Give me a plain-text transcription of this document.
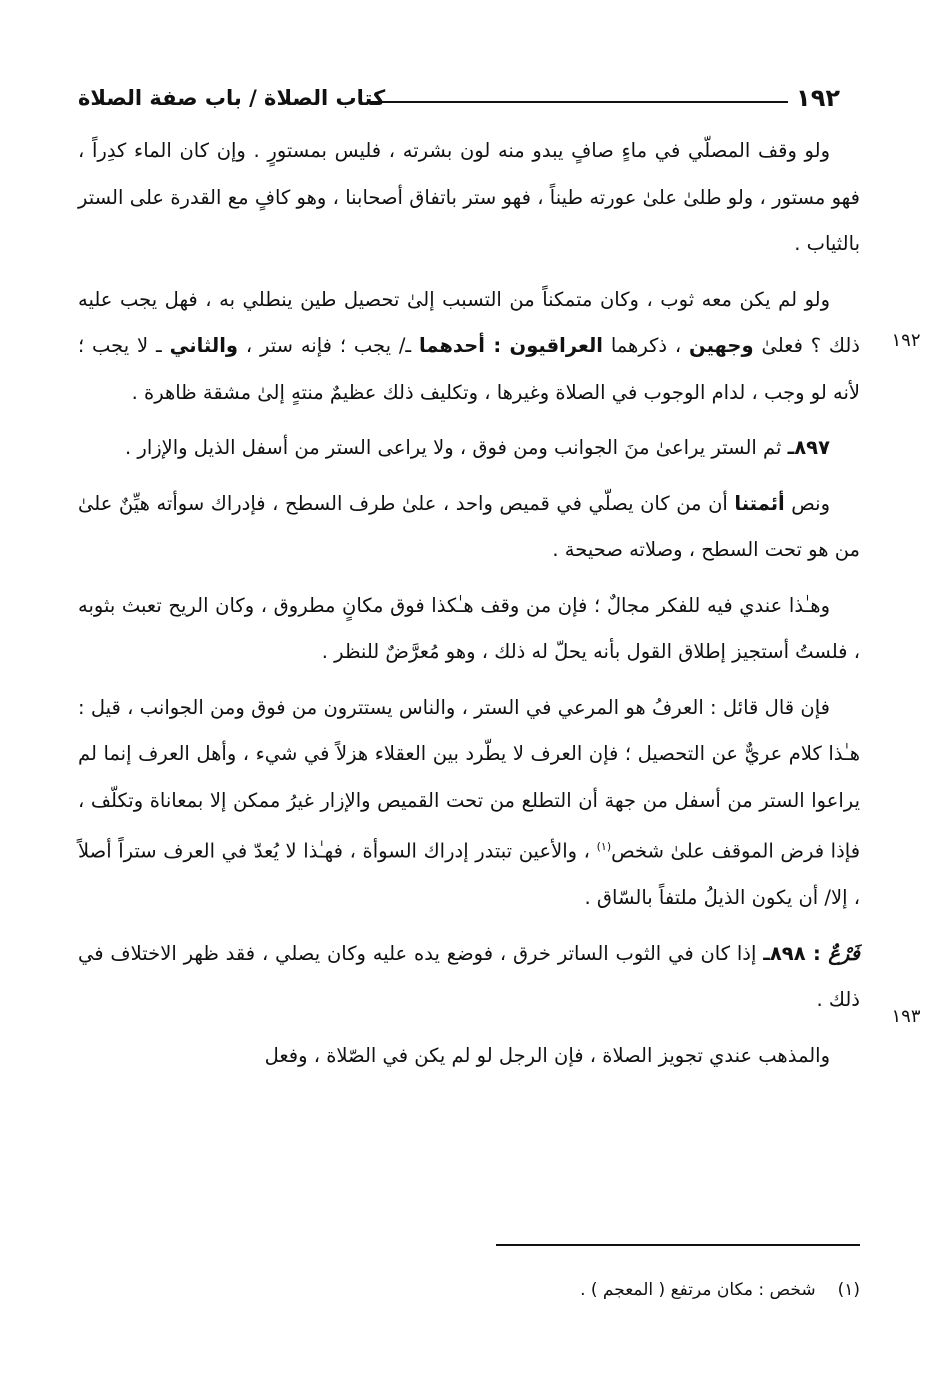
١٩٢
كتاب الصلاة / باب صفة الصلاة
١٩٢
١٩٣

ولو وقف المصلّي في ماءٍ صافٍ يبدو منه لون بشرته ، فليس بمستورٍ . وإن كان الماء كدِراً ، فهو مستور ، ولو طلىٰ علىٰ عورته طيناً ، فهو ستر باتفاق أصحابنا ، وهو كافٍ مع القدرة على الستر بالثياب .

ولو لم يكن معه ثوب ، وكان متمكناً من التسبب إلىٰ تحصيل طين ينطلي به ، فهل يجب عليه ذلك ؟ فعلىٰ وجهين ، ذكرهما العراقيون : أحدهما ـ/ يجب ؛ فإنه ستر ، والثاني ـ لا يجب ؛ لأنه لو وجب ، لدام الوجوب في الصلاة وغيرها ، وتكليف ذلك عظيمٌ منتهٍ إلىٰ مشقة ظاهرة .

٨٩٧ـ ثم الستر يراعىٰ منَ الجوانب ومن فوق ، ولا يراعى الستر من أسفل الذيل والإزار .

ونص أئمتنا أن من كان يصلّي في قميص واحد ، علىٰ طرف السطح ، فإدراك سوأته هيِّنٌ علىٰ من هو تحت السطح ، وصلاته صحيحة .

وهـٰذا عندي فيه للفكر مجالٌ ؛ فإن من وقف هـٰكذا فوق مكانٍ مطروق ، وكان الريح تعبث بثوبه ، فلستُ أستجيز إطلاق القول بأنه يحلّ له ذلك ، وهو مُعرَّضٌ للنظر .

فإن قال قائل : العرفُ هو المرعي في الستر ، والناس يستترون من فوق ومن الجوانب ، قيل : هـٰذا كلام عريٌّ عن التحصيل ؛ فإن العرف لا يطّرد بين العقلاء هزلاً في شيء ، وأهل العرف إنما لم يراعوا الستر من أسفل من جهة أن التطلع من تحت القميص والإزار غيرُ ممكن إلا بمعاناة وتكلّف ، فإذا فرض الموقف علىٰ شخص$^{(١)}$ ، والأعين تبتدر إدراك السوأة ، فهـٰذا لا يُعدّ في العرف ستراً أصلاً ، إلا/ أن يكون الذيلُ ملتفاً بالسّاق .

فَرْعٌ : ٨٩٨ـ إذا كان في الثوب الساتر خرق ، فوضع يده عليه وكان يصلي ، فقد ظهر الاختلاف في ذلك .

والمذهب عندي تجويز الصلاة ، فإن الرجل لو لم يكن في الصّلاة ، وفعل

(١)شخص : مكان مرتفع ( المعجم ) .
